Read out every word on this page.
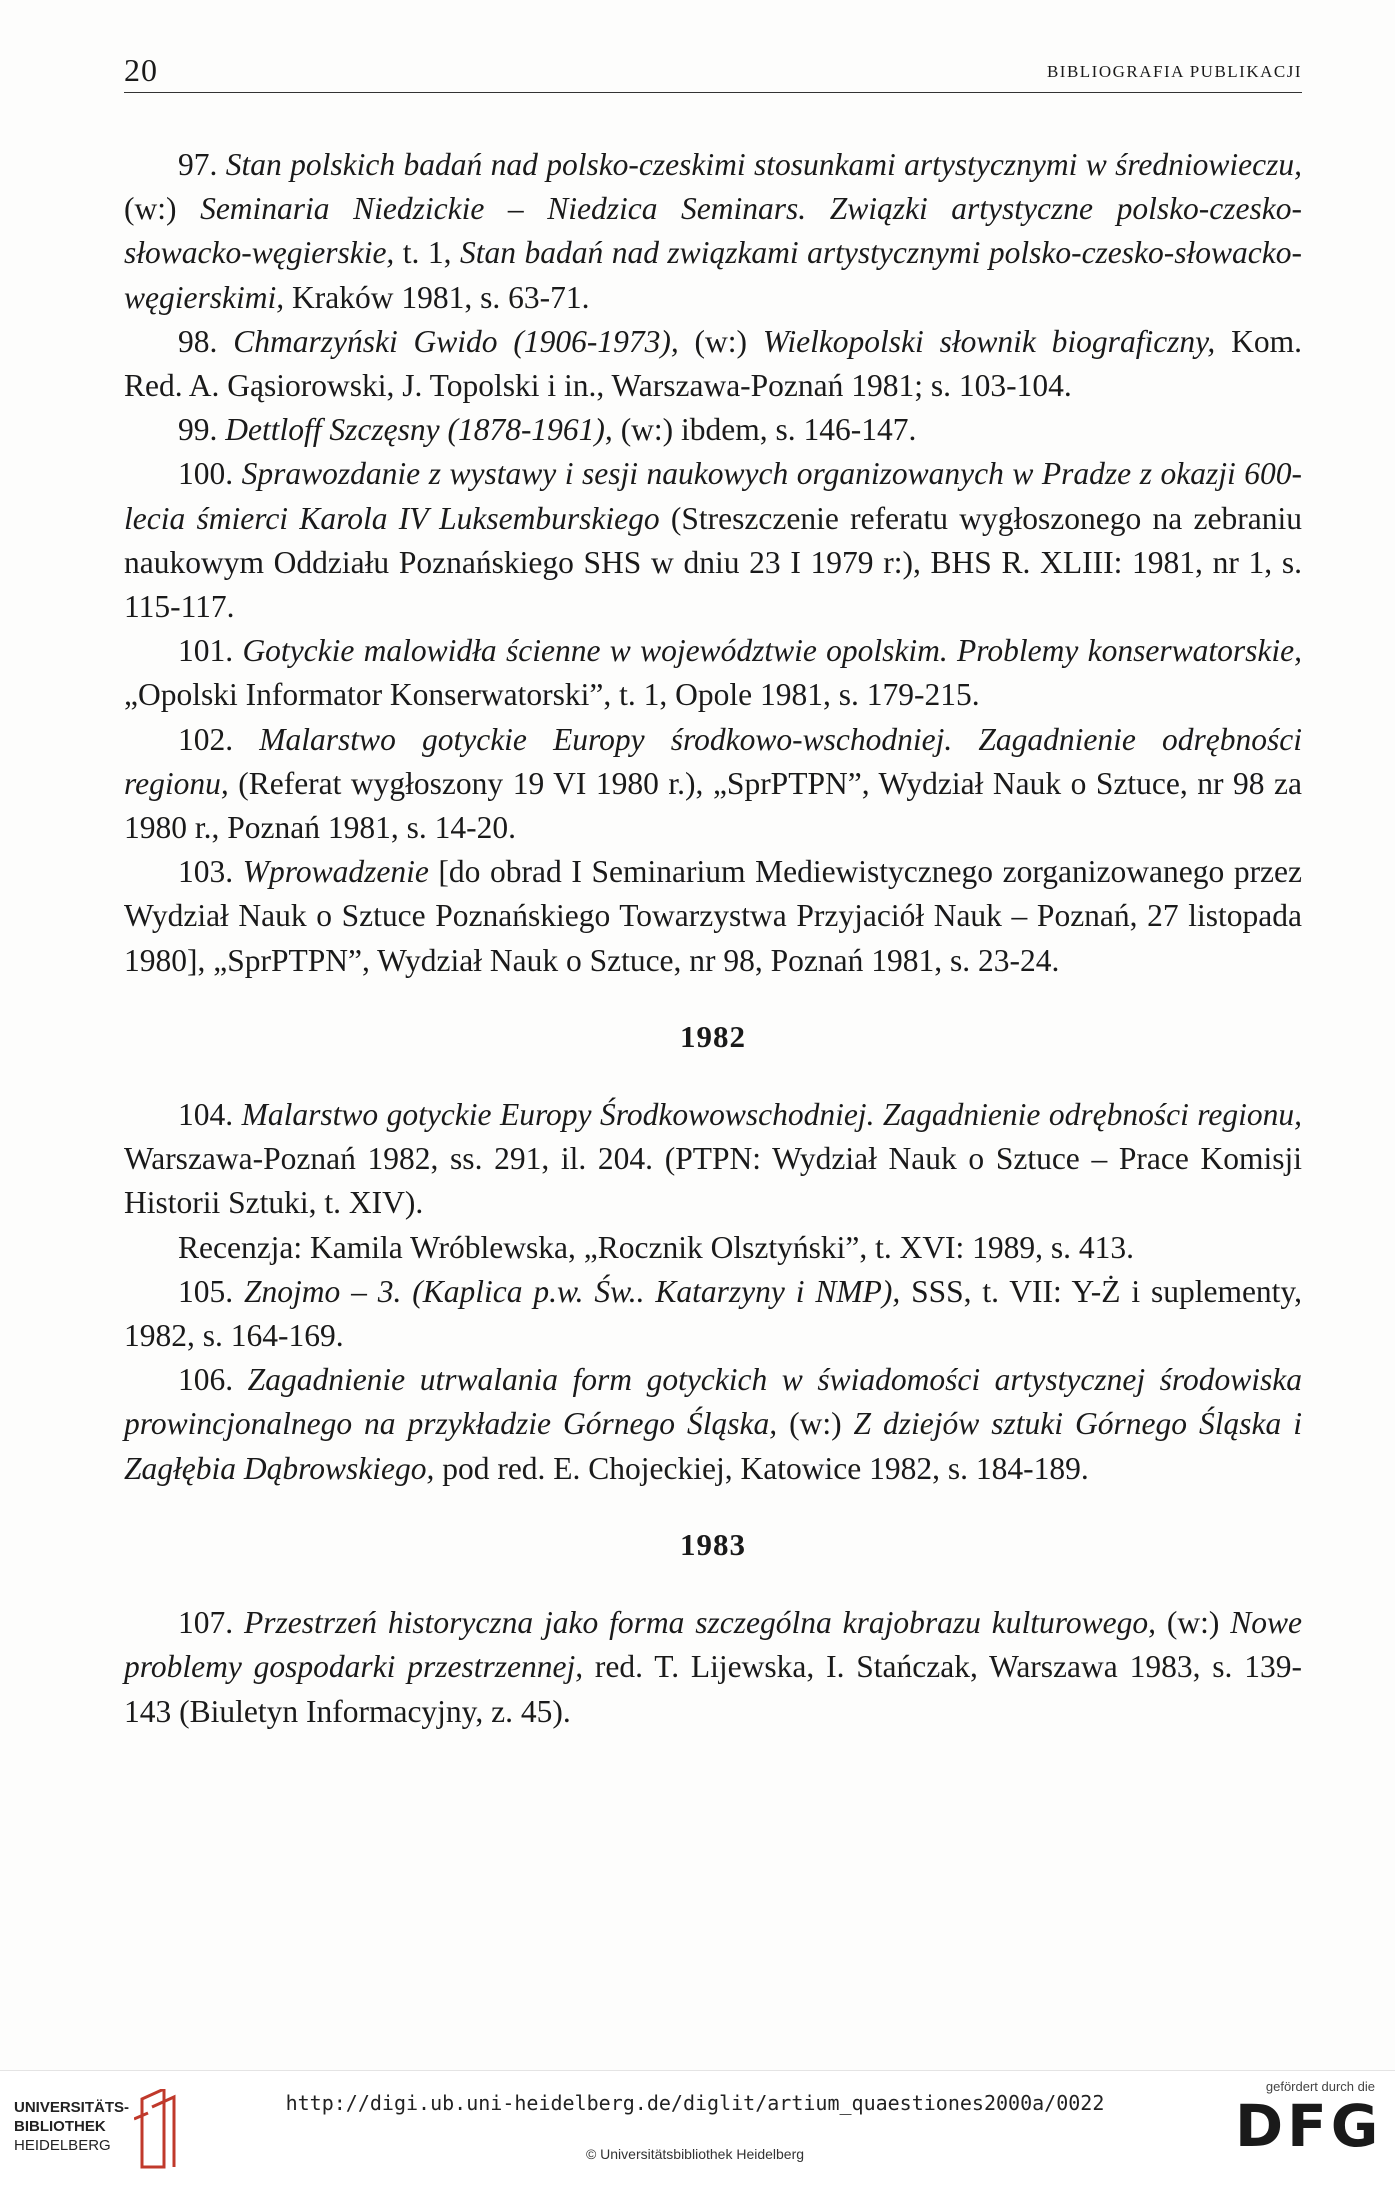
20	BIBLIOGRAFIA PUBLIKACJI

97. Stan polskich badań nad polsko-czeskimi stosunkami artystycznymi w średniowieczu, (w:) Seminaria Niedzickie – Niedzica Seminars. Związki artystyczne polsko-czesko-słowacko-węgierskie, t. 1, Stan badań nad związkami artystycznymi polsko-czesko-słowacko-węgierskimi, Kraków 1981, s. 63-71.

98. Chmarzyński Gwido (1906-1973), (w:) Wielkopolski słownik biograficzny, Kom. Red. A. Gąsiorowski, J. Topolski i in., Warszawa-Poznań 1981; s. 103-104.

99. Dettloff Szczęsny (1878-1961), (w:) ibdem, s. 146-147.

100. Sprawozdanie z wystawy i sesji naukowych organizowanych w Pradze z okazji 600-lecia śmierci Karola IV Luksemburskiego (Streszczenie referatu wygłoszonego na zebraniu naukowym Oddziału Poznańskiego SHS w dniu 23 I 1979 r:), BHS R. XLIII: 1981, nr 1, s. 115-117.

101. Gotyckie malowidła ścienne w województwie opolskim. Problemy konserwatorskie, „Opolski Informator Konserwatorski”, t. 1, Opole 1981, s. 179-215.

102. Malarstwo gotyckie Europy środkowo-wschodniej. Zagadnienie odrębności regionu, (Referat wygłoszony 19 VI 1980 r.), „SprPTPN”, Wydział Nauk o Sztuce, nr 98 za 1980 r., Poznań 1981, s. 14-20.

103. Wprowadzenie [do obrad I Seminarium Mediewistycznego zorganizowanego przez Wydział Nauk o Sztuce Poznańskiego Towarzystwa Przyjaciół Nauk – Poznań, 27 listopada 1980], „SprPTPN”, Wydział Nauk o Sztuce, nr 98, Poznań 1981, s. 23-24.

1982

104. Malarstwo gotyckie Europy Środkowowschodniej. Zagadnienie odrębności regionu, Warszawa-Poznań 1982, ss. 291, il. 204. (PTPN: Wydział Nauk o Sztuce – Prace Komisji Historii Sztuki, t. XIV).

Recenzja: Kamila Wróblewska, „Rocznik Olsztyński”, t. XVI: 1989, s. 413.

105. Znojmo – 3. (Kaplica p.w. Św.. Katarzyny i NMP), SSS, t. VII: Y-Ż i suplementy, 1982, s. 164-169.

106. Zagadnienie utrwalania form gotyckich w świadomości artystycznej środowiska prowincjonalnego na przykładzie Górnego Śląska, (w:) Z dziejów sztuki Górnego Śląska i Zagłębia Dąbrowskiego, pod red. E. Chojeckiej, Katowice 1982, s. 184-189.

1983

107. Przestrzeń historyczna jako forma szczególna krajobrazu kulturowego, (w:) Nowe problemy gospodarki przestrzennej, red. T. Lijewska, I. Stańczak, Warszawa 1983, s. 139-143 (Biuletyn Informacyjny, z. 45).

UNIVERSITÄTS-
BIBLIOTHEK
HEIDELBERG
http://digi.ub.uni-heidelberg.de/diglit/artium_quaestiones2000a/0022
© Universitätsbibliothek Heidelberg
gefördert durch die
DFG
